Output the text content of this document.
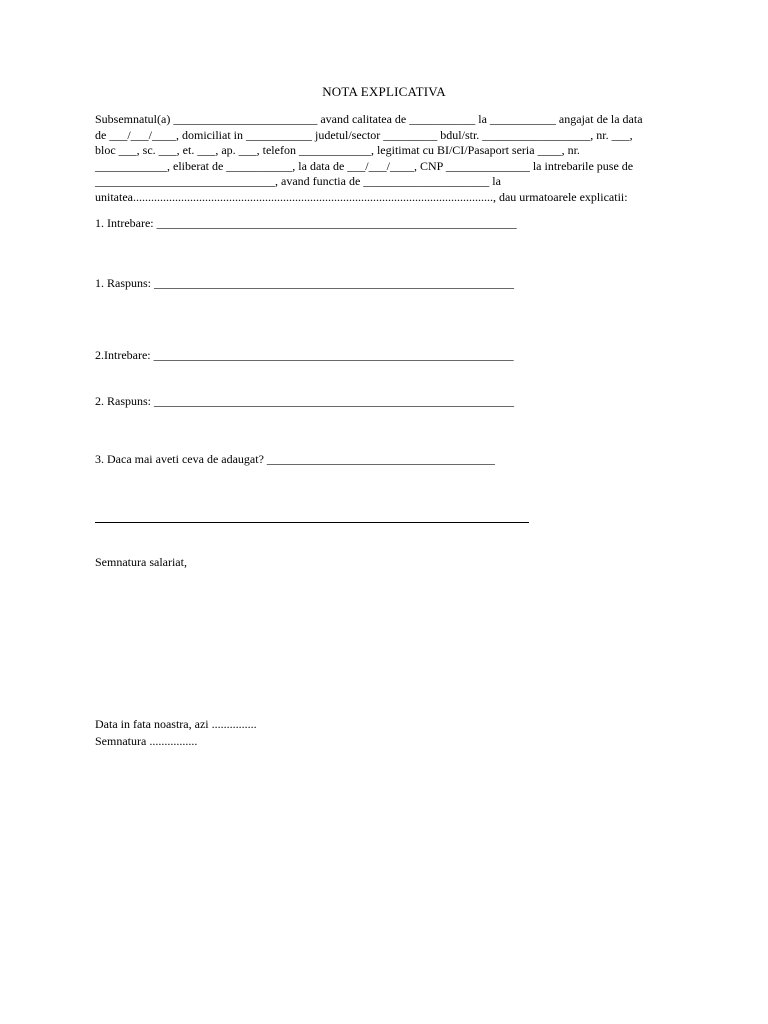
NOTA EXPLICATIVA

Subsemnatul(a) ________________________ avand calitatea de ___________ la ___________ angajat de la data

de ___/___/____, domiciliat in ___________ judetul/sector _________ bdul/str. __________________, nr. ___,

bloc ___, sc. ___, et. ___, ap. ___, telefon ____________, legitimat cu BI/CI/Pasaport seria ____, nr.

____________, eliberat de ___________, la data de ___/___/____, CNP ______________ la intrebarile puse de

______________________________, avand functia de _____________________ la

unitatea........................................................................................................................, dau urmatoarele explicatii:

1. Intrebare: ____________________________________________________________
1. Raspuns: ____________________________________________________________
2.Intrebare: ____________________________________________________________
2. Raspuns: ____________________________________________________________
3. Daca mai aveti ceva de adaugat? ______________________________________
Semnatura salariat,
Data in fata noastra, azi ...............
Semnatura ................
